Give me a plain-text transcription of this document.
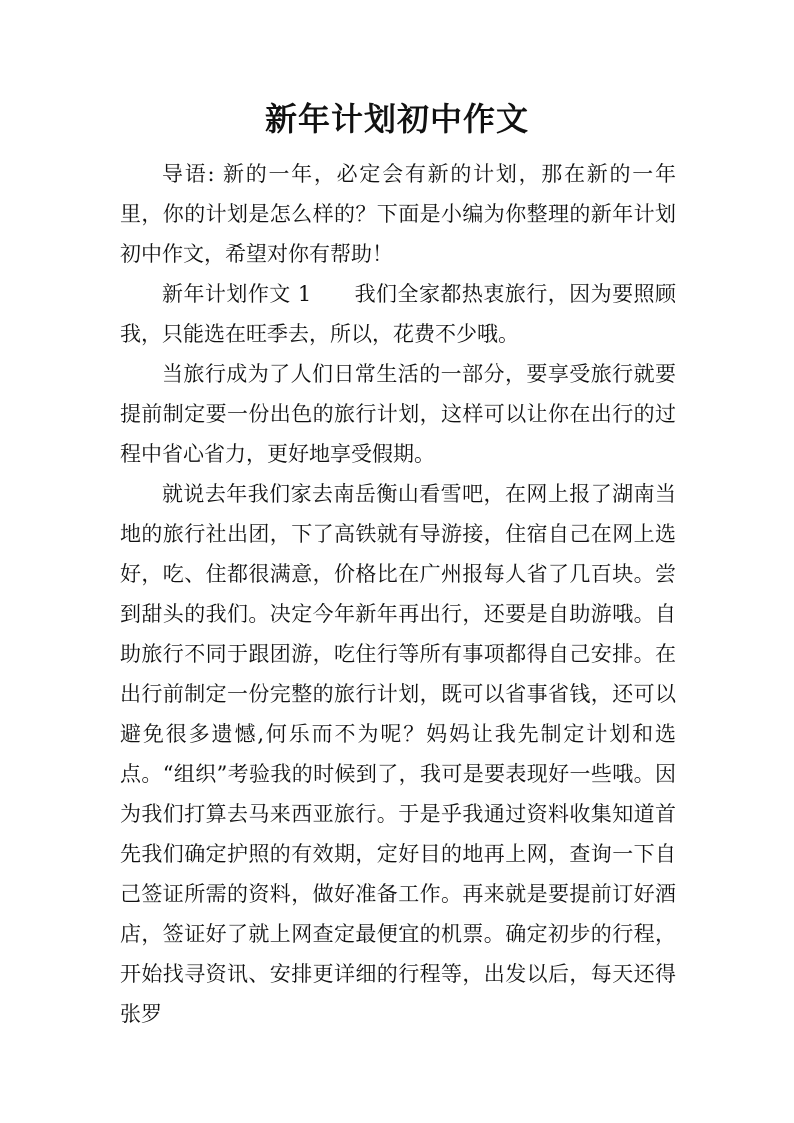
新年计划初中作文

导语: 新的一年，必定会有新的计划，那在新的一年里，你的计划是怎么样的？下面是小编为你整理的新年计划初中作文，希望对你有帮助！

新年计划作文 1　　我们全家都热衷旅行，因为要照顾我，只能选在旺季去，所以，花费不少哦。

当旅行成为了人们日常生活的一部分，要享受旅行就要提前制定要一份出色的旅行计划，这样可以让你在出行的过程中省心省力，更好地享受假期。

就说去年我们家去南岳衡山看雪吧，在网上报了湖南当地的旅行社出团，下了高铁就有导游接，住宿自己在网上选好，吃、住都很满意，价格比在广州报每人省了几百块。尝到甜头的我们。决定今年新年再出行，还要是自助游哦。自助旅行不同于跟团游，吃住行等所有事项都得自己安排。在出行前制定一份完整的旅行计划，既可以省事省钱，还可以避免很多遗憾,何乐而不为呢？妈妈让我先制定计划和选点。“组织”考验我的时候到了，我可是要表现好一些哦。因为我们打算去马来西亚旅行。于是乎我通过资料收集知道首先我们确定护照的有效期，定好目的地再上网，查询一下自己签证所需的资料，做好准备工作。再来就是要提前订好酒店，签证好了就上网查定最便宜的机票。确定初步的行程，开始找寻资讯、安排更详细的行程等，出发以后，每天还得张罗
